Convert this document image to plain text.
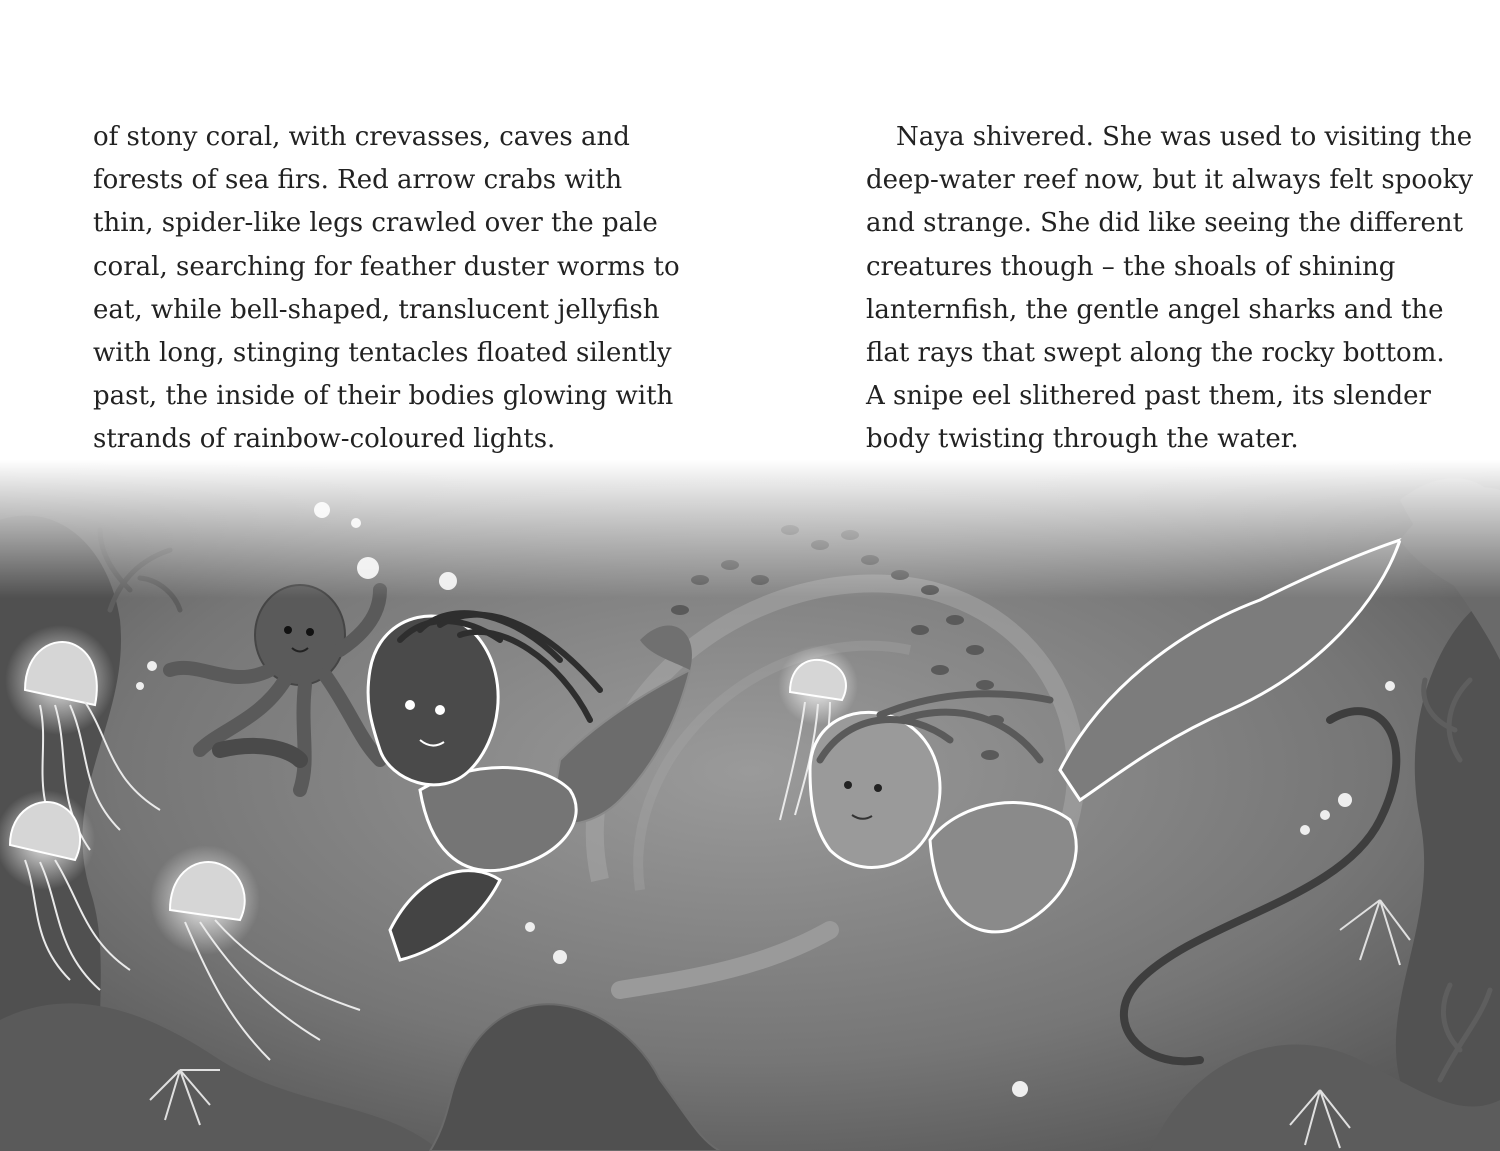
of stony coral, with crevasses, caves and
forests of sea firs. Red arrow crabs with
thin, spider-like legs crawled over the pale
coral, searching for feather duster worms to
eat, while bell-shaped, translucent jellyfish
with long, stinging tentacles floated silently
past, the inside of their bodies glowing with
strands of rainbow-coloured lights.
Naya shivered. She was used to visiting the
deep-water reef now, but it always felt spooky
and strange. She did like seeing the different
creatures though – the shoals of shining
lanternfish, the gentle angel sharks and the
flat rays that swept along the rocky bottom.
A snipe eel slithered past them, its slender
body twisting through the water.
